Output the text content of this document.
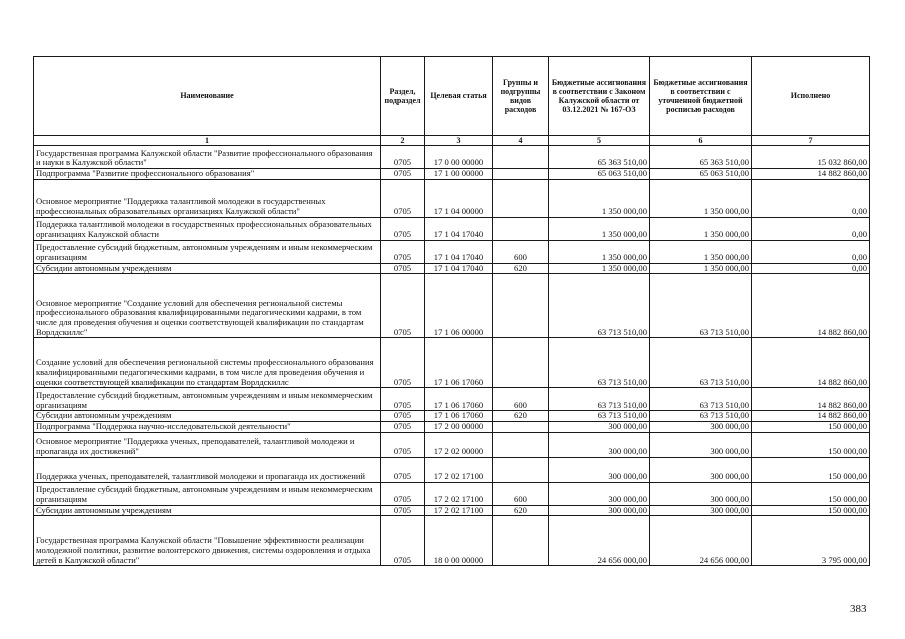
Наименование	Раздел, подраздел	Целевая статья	Группы и подгруппы видов расходов	Бюджетные ассигнования в соответствии с Законом Калужской области от 03.12.2021 № 167-ОЗ	Бюджетные ассигнования в соответствии с уточненной бюджетной росписью расходов	Исполнено
1	2	3	4	5	6	7
Государственная программа Калужской области "Развитие профессионального образования и науки в Калужской области"	0705	17 0 00 00000		65 363 510,00	65 363 510,00	15 032 860,00
Подпрограмма "Развитие профессионального образования"	0705	17 1 00 00000		65 063 510,00	65 063 510,00	14 882 860,00
Основное мероприятие "Поддержка талантливой молодежи в государственных профессиональных образовательных организациях Калужской области"	0705	17 1 04 00000		1 350 000,00	1 350 000,00	0,00
Поддержка талантливой молодежи в государственных профессиональных образовательных организациях Калужской области	0705	17 1 04 17040		1 350 000,00	1 350 000,00	0,00
Предоставление субсидий бюджетным, автономным учреждениям и иным некоммерческим организациям	0705	17 1 04 17040	600	1 350 000,00	1 350 000,00	0,00
Субсидии автономным учреждениям	0705	17 1 04 17040	620	1 350 000,00	1 350 000,00	0,00
Основное мероприятие "Создание условий для обеспечения региональной системы профессионального образования квалифицированными педагогическими кадрами, в том числе для проведения обучения и оценки соответствующей квалификации по стандартам Ворлдскиллс"	0705	17 1 06 00000		63 713 510,00	63 713 510,00	14 882 860,00
Создание условий для обеспечения региональной системы профессионального образования квалифицированными педагогическими кадрами, в том числе для проведения обучения и оценки соответствующей квалификации по стандартам Ворлдскиллс	0705	17 1 06 17060		63 713 510,00	63 713 510,00	14 882 860,00
Предоставление субсидий бюджетным, автономным учреждениям и иным некоммерческим организациям	0705	17 1 06 17060	600	63 713 510,00	63 713 510,00	14 882 860,00
Субсидии автономным учреждениям	0705	17 1 06 17060	620	63 713 510,00	63 713 510,00	14 882 860,00
Подпрограмма "Поддержка научно-исследовательской деятельности"	0705	17 2 00 00000		300 000,00	300 000,00	150 000,00
Основное мероприятие "Поддержка ученых, преподавателей, талантливой молодежи и пропаганда их достижений"	0705	17 2 02 00000		300 000,00	300 000,00	150 000,00
Поддержка ученых, преподавателей, талантливой молодежи и пропаганда их достижений	0705	17 2 02 17100		300 000,00	300 000,00	150 000,00
Предоставление субсидий бюджетным, автономным учреждениям и иным некоммерческим организациям	0705	17 2 02 17100	600	300 000,00	300 000,00	150 000,00
Субсидии автономным учреждениям	0705	17 2 02 17100	620	300 000,00	300 000,00	150 000,00
Государственная программа Калужской области "Повышение эффективности реализации молодежной политики, развитие волонтерского движения, системы оздоровления и отдыха детей в Калужской области"	0705	18 0 00 00000		24 656 000,00	24 656 000,00	3 795 000,00
383
